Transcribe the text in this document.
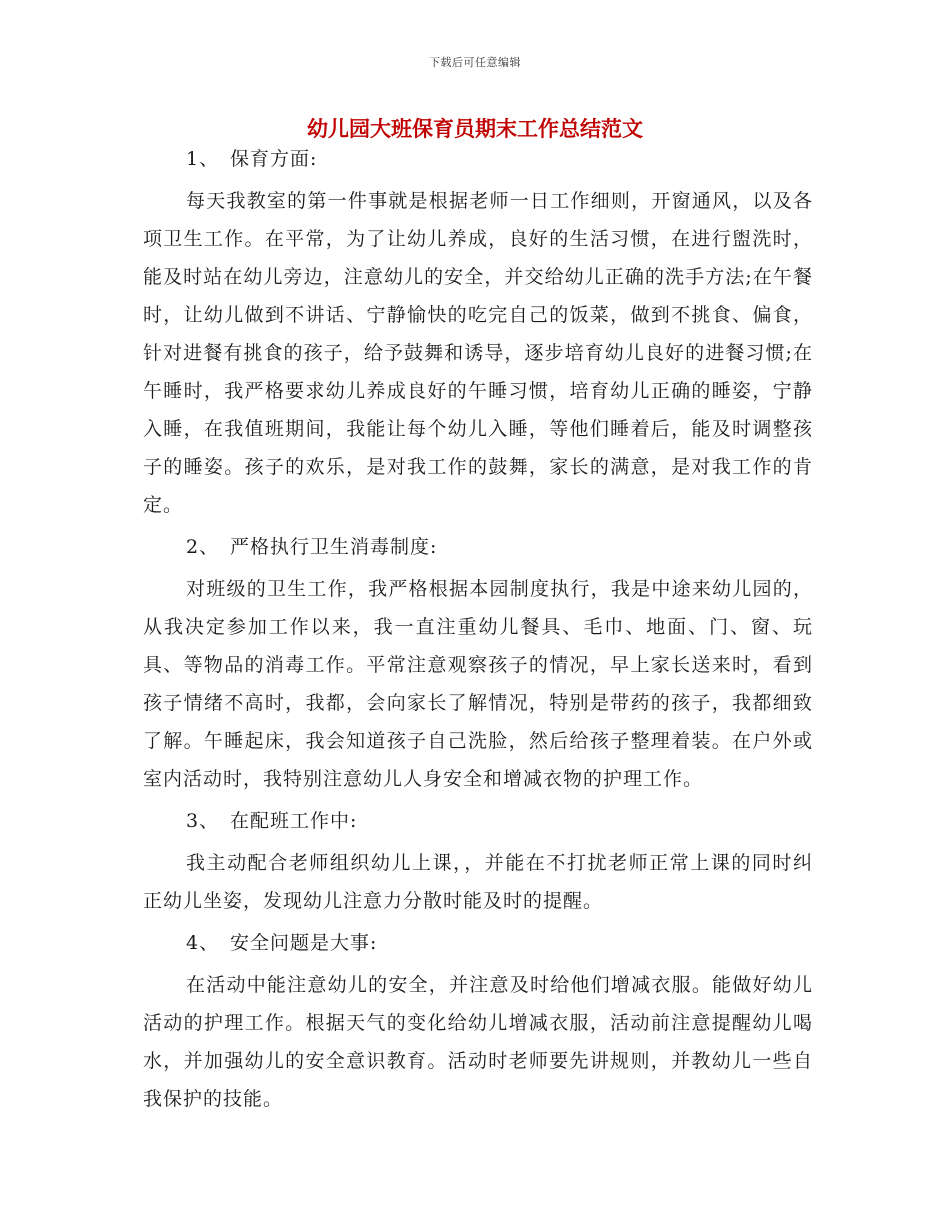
下载后可任意编辑
幼儿园大班保育员期末工作总结范文

1、 保育方面:

每天我教室的第一件事就是根据老师一日工作细则，开窗通风，以及各项卫生工作。在平常，为了让幼儿养成，良好的生活习惯，在进行盥洗时，能及时站在幼儿旁边，注意幼儿的安全，并交给幼儿正确的洗手方法;在午餐时，让幼儿做到不讲话、宁静愉快的吃完自己的饭菜，做到不挑食、偏食，针对进餐有挑食的孩子，给予鼓舞和诱导，逐步培育幼儿良好的进餐习惯;在午睡时，我严格要求幼儿养成良好的午睡习惯，培育幼儿正确的睡姿，宁静入睡，在我值班期间，我能让每个幼儿入睡，等他们睡着后，能及时调整孩子的睡姿。孩子的欢乐，是对我工作的鼓舞，家长的满意，是对我工作的肯定。

2、 严格执行卫生消毒制度:

对班级的卫生工作，我严格根据本园制度执行，我是中途来幼儿园的，从我决定参加工作以来，我一直注重幼儿餐具、毛巾、地面、门、窗、玩具、等物品的消毒工作。平常注意观察孩子的情况，早上家长送来时，看到孩子情绪不高时，我都，会向家长了解情况，特别是带药的孩子，我都细致了解。午睡起床，我会知道孩子自己洗脸，然后给孩子整理着装。在户外或室内活动时，我特别注意幼儿人身安全和增减衣物的护理工作。

3、 在配班工作中:

我主动配合老师组织幼儿上课，，并能在不打扰老师正常上课的同时纠正幼儿坐姿，发现幼儿注意力分散时能及时的提醒。

4、 安全问题是大事:

在活动中能注意幼儿的安全，并注意及时给他们增减衣服。能做好幼儿活动的护理工作。根据天气的变化给幼儿增减衣服，活动前注意提醒幼儿喝水，并加强幼儿的安全意识教育。活动时老师要先讲规则，并教幼儿一些自我保护的技能。
